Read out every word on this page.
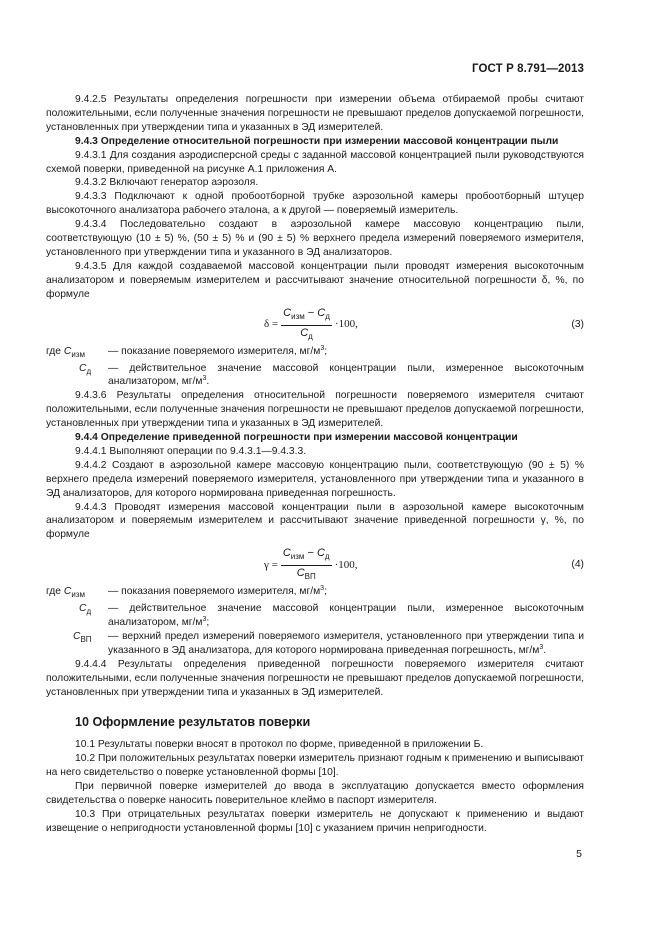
ГОСТ Р 8.791—2013

9.4.2.5 Результаты определения погрешности при измерении объема отбираемой пробы считают положительными, если полученные значения погрешности не превышают пределов допускаемой погрешности, установленных при утверждении типа и указанных в ЭД измерителей.

9.4.3 Определение относительной погрешности при измерении массовой концентрации пыли

9.4.3.1 Для создания аэродисперсной среды с заданной массовой концентрацией пыли руководствуются схемой поверки, приведенной на рисунке А.1 приложения А.

9.4.3.2 Включают генератор аэрозоля.

9.4.3.3 Подключают к одной пробоотборной трубке аэрозольной камеры пробоотборный штуцер высокоточного анализатора рабочего эталона, а к другой — поверяемый измеритель.

9.4.3.4 Последовательно создают в аэрозольной камере массовую концентрацию пыли, соответствующую (10 ± 5) %, (50 ± 5) % и (90 ± 5) % верхнего предела измерений поверяемого измерителя, установленного при утверждении типа и указанного в ЭД анализаторов.

9.4.3.5 Для каждой создаваемой массовой концентрации пыли проводят измерения высокоточным анализатором и поверяемым измерителем и рассчитывают значение относительной погрешности δ, %, по формуле

$\delta = \frac{C_{изм} - C_д}{C_д} \cdot 100$,	(3)
где $C_{изм}$	— показание поверяемого измерителя, $мг/м^3$;
$C_д$	— действительное значение массовой концентрации пыли, измеренное высокоточным анализатором, $мг/м^3$.

9.4.3.6 Результаты определения относительной погрешности поверяемого измерителя считают положительными, если полученные значения погрешности не превышают пределов допускаемой погрешности, установленных при утверждении типа и указанных в ЭД измерителей.

9.4.4 Определение приведенной погрешности при измерении массовой концентрации

9.4.4.1 Выполняют операции по 9.4.3.1—9.4.3.3.

9.4.4.2 Создают в аэрозольной камере массовую концентрацию пыли, соответствующую (90 ± 5) % верхнего предела измерений поверяемого измерителя, установленного при утверждении типа и указанного в ЭД анализаторов, для которого нормирована приведенная погрешность.

9.4.4.3 Проводят измерения массовой концентрации пыли в аэрозольной камере высокоточным анализатором и поверяемым измерителем и рассчитывают значение приведенной погрешности γ, %, по формуле

$\gamma = \frac{C_{изм} - C_д}{C_{ВП}} \cdot 100$,	(4)
где $C_{изм}$	— показания поверяемого измерителя, $мг/м^3$;
$C_д$	— действительное значение массовой концентрации пыли, измеренное высокоточным анализатором, $мг/м^3$;
$C_{ВП}$	— верхний предел измерений поверяемого измерителя, установленного при утверждении типа и указанного в ЭД анализатора, для которого нормирована приведенная погрешность, $мг/м^3$.

9.4.4.4 Результаты определения приведенной погрешности поверяемого измерителя считают положительными, если полученные значения погрешности не превышают пределов допускаемой погрешности, установленных при утверждении типа и указанных в ЭД измерителей.

10 Оформление результатов поверки

10.1 Результаты поверки вносят в протокол по форме, приведенной в приложении Б.

10.2 При положительных результатах поверки измеритель признают годным к применению и выписывают на него свидетельство о поверке установленной формы [10].

При первичной поверке измерителей до ввода в эксплуатацию допускается вместо оформления свидетельства о поверке наносить поверительное клеймо в паспорт измерителя.

10.3 При отрицательных результатах поверки измеритель не допускают к применению и выдают извещение о непригодности установленной формы [10] с указанием причин непригодности.

5
